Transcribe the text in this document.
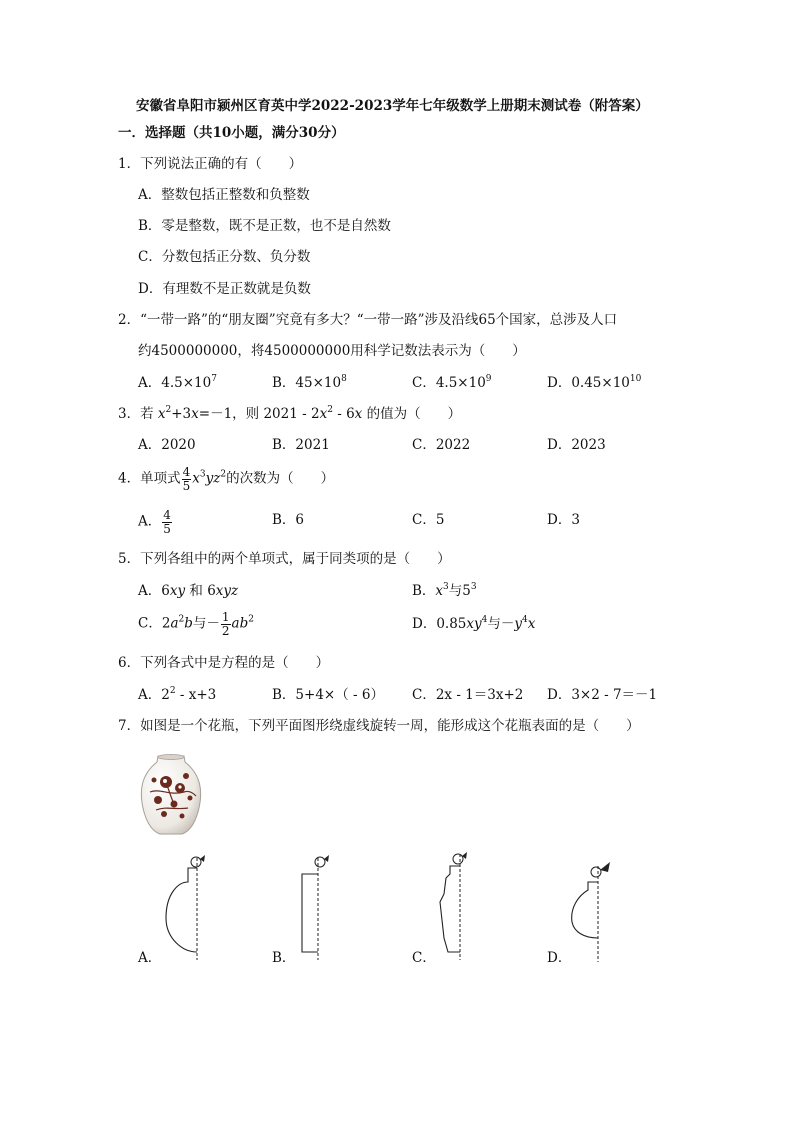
安徽省阜阳市颍州区育英中学2022-2023学年七年级数学上册期末测试卷（附答案）
一．选择题（共10小题，满分30分）
1．下列说法正确的有（　　）
A．整数包括正整数和负整数
B．零是整数，既不是正数，也不是自然数
C．分数包括正分数、负分数
D．有理数不是正数就是负数
2．“一带一路”的“朋友圈”究竟有多大？“一带一路”涉及沿线65个国家，总涉及人口
约4500000000，将4500000000用科学记数法表示为（　　）
A．$4.5\times 10^7$	B．$45\times 10^8$	C．$4.5\times 10^9$	D．$0.45\times 10^{10}$
3．若 $x^2+3x=-1$，则 $2021 - 2x^2 - 6x$ 的值为（　　）
A．2020	B．2021	C．2022	D．2023
4．单项式 $\frac{4}{5} x^3yz^2$的次数为（　　）
A． $\frac{4}{5}$	B．6	C．5	D．3
5．下列各组中的两个单项式，属于同类项的是（　　）
A．6xy 和 6xyz	B．$x^3$与$5^3$
C．$2a^2b$与－ $\frac{1}{2} ab^2$	D．$0.85xy^4$与$-y^4x$
6．下列各式中是方程的是（　　）
A．$2^2 - x+3$	B．5+4×（ - 6） C．2x - 1＝3x+2 D．3×2 - 7＝－1
7．如图是一个花瓶，下列平面图形绕虚线旋转一周，能形成这个花瓶表面的是（　　）
A．	B．	C．	D．
